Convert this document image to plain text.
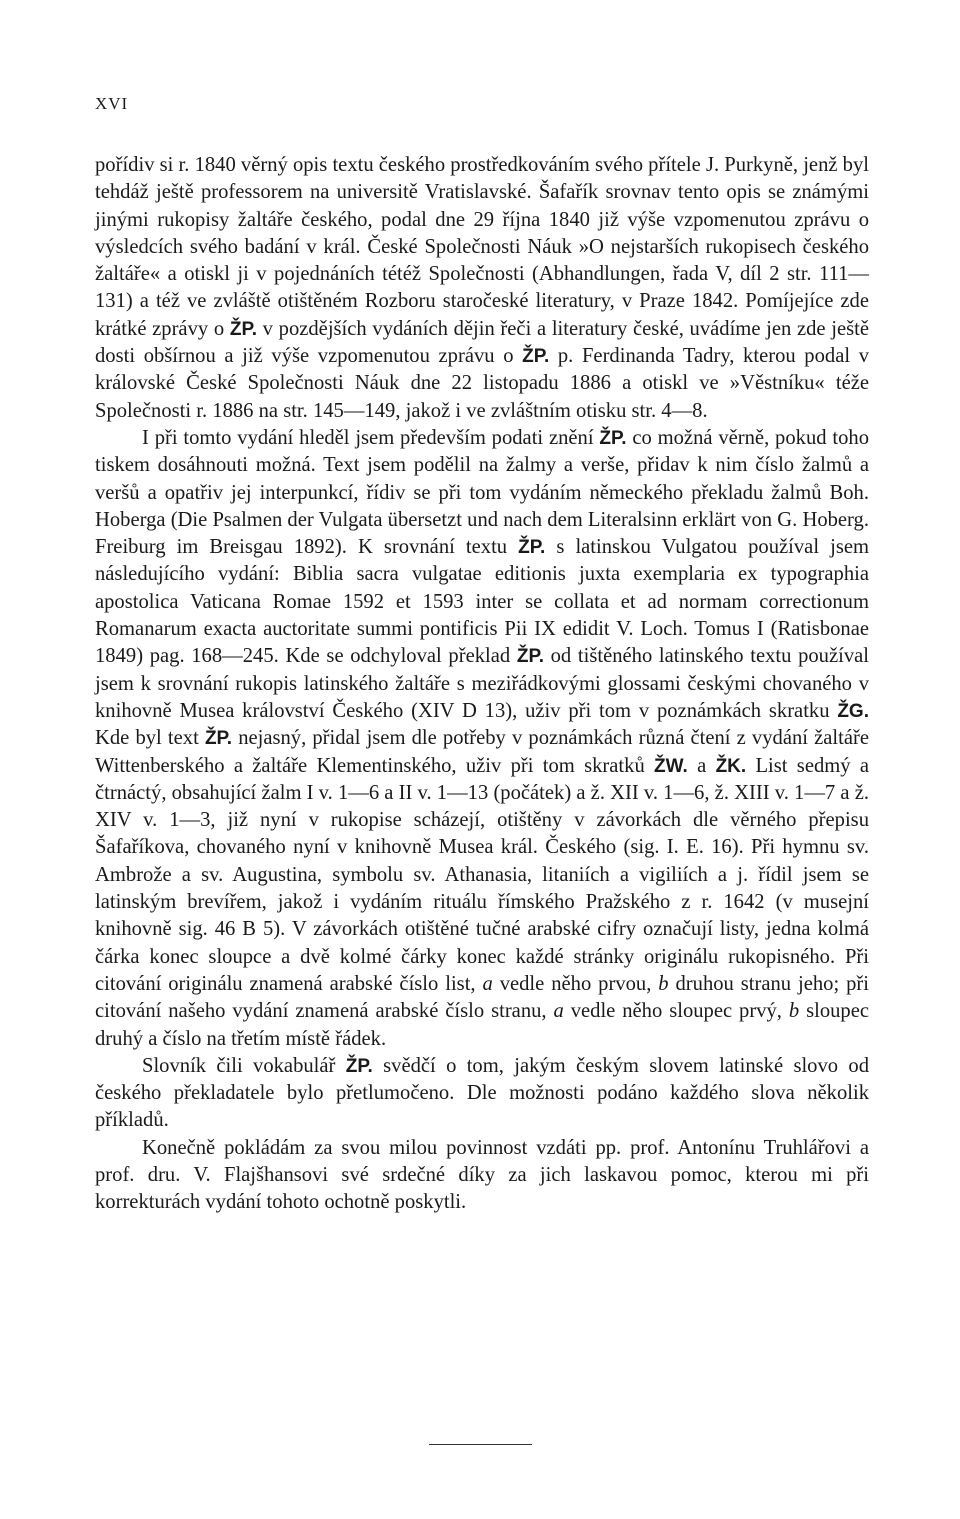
XVI

pořídiv si r. 1840 věrný opis textu českého prostředkováním svého přítele J. Purkyně, jenž byl tehdáž ještě professorem na universitě Vratislavské. Šafařík srovnav tento opis se známými jinými rukopisy žaltáře českého, podal dne 29 října 1840 již výše vzpomenutou zprávu o výsledcích svého badání v král. České Společnosti Náuk »O nejstarších rukopisech českého žaltáře« a otiskl ji v pojednáních tétéž Společnosti (Abhandlungen, řada V, díl 2 str. 111—131) a též ve zvláště otištěném Rozboru staročeské literatury, v Praze 1842. Pomíjejíce zde krátké zprávy o ŽP. v pozdějších vydáních dějin řeči a literatury české, uvádíme jen zde ještě dosti obšírnou a již výše vzpomenutou zprávu o ŽP. p. Ferdinanda Tadry, kterou podal v královské České Společnosti Náuk dne 22 listopadu 1886 a otiskl ve »Věstníku« téže Společnosti r. 1886 na str. 145—149, jakož i ve zvláštním otisku str. 4—8.

I při tomto vydání hleděl jsem především podati znění ŽP. co možná věrně, pokud toho tiskem dosáhnouti možná. Text jsem podělil na žalmy a verše, přidav k nim číslo žalmů a veršů a opatřiv jej interpunkcí, řídiv se při tom vydáním německého překladu žalmů Boh. Hoberga (Die Psalmen der Vulgata übersetzt und nach dem Literalsinn erklärt von G. Hoberg. Freiburg im Breisgau 1892). K srovnání textu ŽP. s latinskou Vulgatou používal jsem následujícího vydání: Biblia sacra vulgatae editionis juxta exemplaria ex typographia apostolica Vaticana Romae 1592 et 1593 inter se collata et ad normam correctionum Romanarum exacta auctoritate summi pontificis Pii IX edidit V. Loch. Tomus I (Ratisbonae 1849) pag. 168—245. Kde se odchyloval překlad ŽP. od tištěného latinského textu používal jsem k srovnání rukopis latinského žaltáře s meziřádkovými glossami českými chovaného v knihovně Musea království Českého (XIV D 13), uživ při tom v poznámkách skratku ŽG. Kde byl text ŽP. nejasný, přidal jsem dle potřeby v poznámkách různá čtení z vydání žaltáře Wittenberského a žaltáře Klementinského, uživ při tom skratků ŽW. a ŽK. List sedmý a čtrnáctý, obsahující žalm I v. 1—6 a II v. 1—13 (počátek) a ž. XII v. 1—6, ž. XIII v. 1—7 a ž. XIV v. 1—3, již nyní v rukopise scházejí, otištěny v závorkách dle věrného přepisu Šafaříkova, chovaného nyní v knihovně Musea král. Českého (sig. I. E. 16). Při hymnu sv. Ambrože a sv. Augustina, symbolu sv. Athanasia, litaniích a vigiliích a j. řídil jsem se latinským brevířem, jakož i vydáním rituálu římského Pražského z r. 1642 (v musejní knihovně sig. 46 B 5). V závorkách otištěné tučné arabské cifry označují listy, jedna kolmá čárka konec sloupce a dvě kolmé čárky konec každé stránky originálu rukopisného. Při citování originálu znamená arabské číslo list, a vedle něho prvou, b druhou stranu jeho; při citování našeho vydání znamená arabské číslo stranu, a vedle něho sloupec prvý, b sloupec druhý a číslo na třetím místě řádek.

Slovník čili vokabulář ŽP. svědčí o tom, jakým českým slovem latinské slovo od českého překladatele bylo přetlumočeno. Dle možnosti podáno každého slova několik příkladů.

Konečně pokládám za svou milou povinnost vzdáti pp. prof. Antonínu Truhlářovi a prof. dru. V. Flajšhansovi své srdečné díky za jich laskavou pomoc, kterou mi při korrekturách vydání tohoto ochotně poskytli.
